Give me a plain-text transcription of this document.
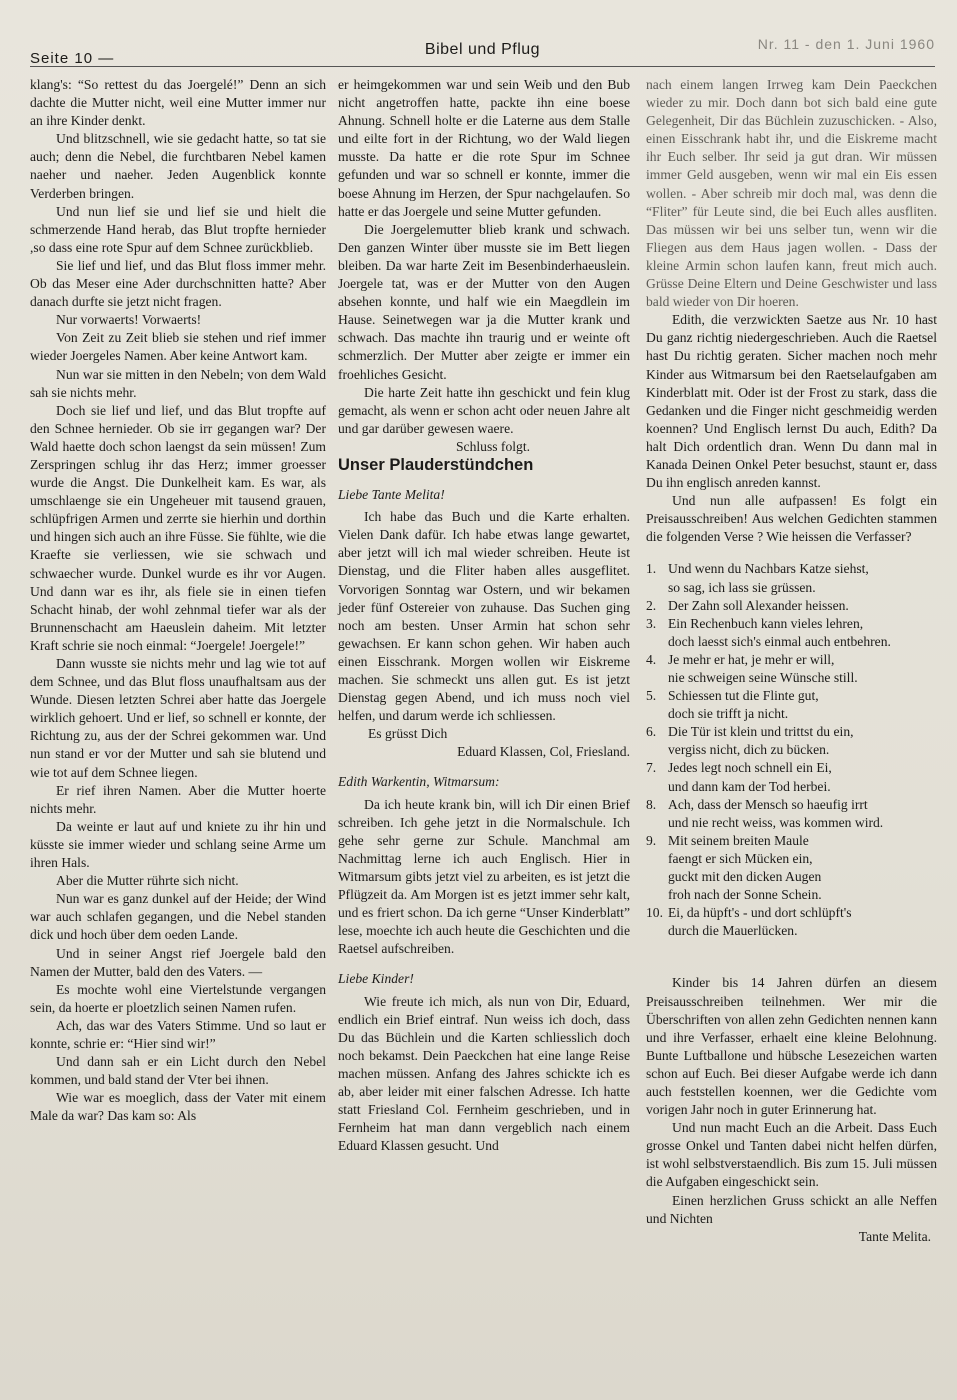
Seite 10 —
Bibel und Pflug	Nr. 11 - den 1. Juni 1960

klang's: “So rettest du das Joergelé!” Denn an sich dachte die Mutter nicht, weil eine Mutter immer nur an ihre Kinder denkt.

Und blitzschnell, wie sie gedacht hatte, so tat sie auch; denn die Nebel, die furchtbaren Nebel kamen naeher und naeher. Jeden Augenblick konnte Verderben bringen.

Und nun lief sie und lief sie und hielt die schmerzende Hand herab, das Blut tropfte hernieder ,so dass eine rote Spur auf dem Schnee zurückblieb.

Sie lief und lief, und das Blut floss immer mehr. Ob das Meser eine Ader durchschnitten hatte? Aber danach durfte sie jetzt nicht fragen.

Nur vorwaerts! Vorwaerts!

Von Zeit zu Zeit blieb sie stehen und rief immer wieder Joergeles Namen. Aber keine Antwort kam.

Nun war sie mitten in den Nebeln; von dem Wald sah sie nichts mehr.

Doch sie lief und lief, und das Blut tropfte auf den Schnee hernieder. Ob sie irr gegangen war? Der Wald haette doch schon laengst da sein müssen! Zum Zerspringen schlug ihr das Herz; immer groesser wurde die Angst. Die Dunkelheit kam. Es war, als umschlaenge sie ein Ungeheuer mit tausend grauen, schlüpfrigen Armen und zerrte sie hierhin und dorthin und hingen sich auch an ihre Füsse. Sie fühlte, wie die Kraefte sie verliessen, wie sie schwach und schwaecher wurde. Dunkel wurde es ihr vor Augen. Und dann war es ihr, als fiele sie in einen tiefen Schacht hinab, der wohl zehnmal tiefer war als der Brunnenschacht am Haeuslein daheim. Mit letzter Kraft schrie sie noch einmal: “Joergele! Joergele!”

Dann wusste sie nichts mehr und lag wie tot auf dem Schnee, und das Blut floss unaufhaltsam aus der Wunde. Diesen letzten Schrei aber hatte das Joergele wirklich gehoert. Und er lief, so schnell er konnte, der Richtung zu, aus der der Schrei gekommen war. Und nun stand er vor der Mutter und sah sie blutend und wie tot auf dem Schnee liegen.

Er rief ihren Namen. Aber die Mutter hoerte nichts mehr.

Da weinte er laut auf und kniete zu ihr hin und küsste sie immer wieder und schlang seine Arme um ihren Hals.

Aber die Mutter rührte sich nicht.

Nun war es ganz dunkel auf der Heide; der Wind war auch schlafen gegangen, und die Nebel standen dick und hoch über dem oeden Lande.

Und in seiner Angst rief Joergele bald den Namen der Mutter, bald den des Vaters. —

Es mochte wohl eine Viertelstunde vergangen sein, da hoerte er ploetzlich seinen Namen rufen.

Ach, das war des Vaters Stimme. Und so laut er konnte, schrie er: “Hier sind wir!”

Und dann sah er ein Licht durch den Nebel kommen, und bald stand der Vter bei ihnen.

Wie war es moeglich, dass der Vater mit einem Male da war? Das kam so: Als

er heimgekommen war und sein Weib und den Bub nicht angetroffen hatte, packte ihn eine boese Ahnung. Schnell holte er die Laterne aus dem Stalle und eilte fort in der Richtung, wo der Wald liegen musste. Da hatte er die rote Spur im Schnee gefunden und war so schnell er konnte, immer die boese Ahnung im Herzen, der Spur nachgelaufen. So hatte er das Joergele und seine Mutter gefunden.

Die Joergelemutter blieb krank und schwach. Den ganzen Winter über musste sie im Bett liegen bleiben. Da war harte Zeit im Besenbinderhaeuslein. Joergele tat, was er der Mutter von den Augen absehen konnte, und half wie ein Maegdlein im Hause. Seinetwegen war ja die Mutter krank und schwach. Das machte ihn traurig und er weinte oft schmerzlich. Der Mutter aber zeigte er immer ein froehliches Gesicht.

Die harte Zeit hatte ihn geschickt und fein klug gemacht, als wenn er schon acht oder neuen Jahre alt und gar darüber gewesen waere.

Schluss folgt.

Unser Plauderstündchen

Liebe Tante Melita!

Ich habe das Buch und die Karte erhalten. Vielen Dank dafür. Ich habe etwas lange gewartet, aber jetzt will ich mal wieder schreiben. Heute ist Dienstag, und die Fliter haben alles ausgeflitet. Vorvorigen Sonntag war Ostern, und wir bekamen jeder fünf Ostereier von zuhause. Das Suchen ging noch am besten. Unser Armin hat schon sehr gewachsen. Er kann schon gehen. Wir haben auch einen Eisschrank. Morgen wollen wir Eiskreme machen. Sie schmeckt uns allen gut. Es ist jetzt Dienstag gegen Abend, und ich muss noch viel helfen, und darum werde ich schliessen.

Es grüsst Dich

Eduard Klassen, Col, Friesland.

Edith Warkentin, Witmarsum:

Da ich heute krank bin, will ich Dir einen Brief schreiben. Ich gehe jetzt in die Normalschule. Ich gehe sehr gerne zur Schule. Manchmal am Nachmittag lerne ich auch Englisch. Hier in Witmarsum gibts jetzt viel zu arbeiten, es ist jetzt die Pflügzeit da. Am Morgen ist es jetzt immer sehr kalt, und es friert schon. Da ich gerne “Unser Kinderblatt” lese, moechte ich auch heute die Geschichten und die Raetsel aufschreiben.

Liebe Kinder!

Wie freute ich mich, als nun von Dir, Eduard, endlich ein Brief eintraf. Nun weiss ich doch, dass Du das Büchlein und die Karten schliesslich doch noch bekamst. Dein Paeckchen hat eine lange Reise machen müssen. Anfang des Jahres schickte ich es ab, aber leider mit einer falschen Adresse. Ich hatte statt Friesland Col. Fernheim geschrieben, und in Fernheim hat man dann vergeblich nach einem Eduard Klassen gesucht. Und

nach einem langen Irrweg kam Dein Paeckchen wieder zu mir. Doch dann bot sich bald eine gute Gelegenheit, Dir das Büchlein zuzuschicken. - Also, einen Eisschrank habt ihr, und die Eiskreme macht ihr Euch selber. Ihr seid ja gut dran. Wir müssen immer Geld ausgeben, wenn wir mal ein Eis essen wollen. - Aber schreib mir doch mal, was denn die “Fliter” für Leute sind, die bei Euch alles ausfliten. Das müssen wir bei uns selber tun, wenn wir die Fliegen aus dem Haus jagen wollen. - Dass der kleine Armin schon laufen kann, freut mich auch. Grüsse Deine Eltern und Deine Geschwister und lass bald wieder von Dir hoeren.

Edith, die verzwickten Saetze aus Nr. 10 hast Du ganz richtig niedergeschrieben. Auch die Raetsel hast Du richtig geraten. Sicher machen noch mehr Kinder aus Witmarsum bei den Raetselaufgaben am Kinderblatt mit. Oder ist der Frost zu stark, dass die Gedanken und die Finger nicht geschmeidig werden koennen? Und Englisch lernst Du auch, Edith? Da halt Dich ordentlich dran. Wenn Du dann mal in Kanada Deinen Onkel Peter besuchst, staunt er, dass Du ihn englisch anreden kannst.

Und nun alle aufpassen! Es folgt ein Preisausschreiben! Aus welchen Gedichten stammen die folgenden Verse ? Wie heissen die Verfasser?

1. Und wenn du Nachbars Katze siehst,
so sag, ich lass sie grüssen.
2. Der Zahn soll Alexander heissen.
3. Ein Rechenbuch kann vieles lehren,
doch laesst sich's einmal auch entbehren.
4. Je mehr er hat, je mehr er will,
nie schweigen seine Wünsche still.
5. Schiessen tut die Flinte gut,
doch sie trifft ja nicht.
6. Die Tür ist klein und trittst du ein,
vergiss nicht, dich zu bücken.
7. Jedes legt noch schnell ein Ei,
und dann kam der Tod herbei.
8. Ach, dass der Mensch so haeufig irrt
und nie recht weiss, was kommen wird.
9. Mit seinem breiten Maule
faengt er sich Mücken ein,
guckt mit den dicken Augen
froh nach der Sonne Schein.
10. Ei, da hüpft's - und dort schlüpft's
durch die Mauerlücken.

Kinder bis 14 Jahren dürfen an diesem Preisausschreiben teilnehmen. Wer mir die Überschriften von allen zehn Gedichten nennen kann und ihre Verfasser, erhaelt eine kleine Belohnung. Bunte Luftballone und hübsche Lesezeichen warten schon auf Euch. Bei dieser Aufgabe werde ich dann auch feststellen koennen, wer die Gedichte vom vorigen Jahr noch in guter Erinnerung hat.

Und nun macht Euch an die Arbeit. Dass Euch grosse Onkel und Tanten dabei nicht helfen dürfen, ist wohl selbstverstaendlich. Bis zum 15. Juli müssen die Aufgaben eingeschickt sein.

Einen herzlichen Gruss schickt an alle Neffen und Nichten

Tante Melita.
